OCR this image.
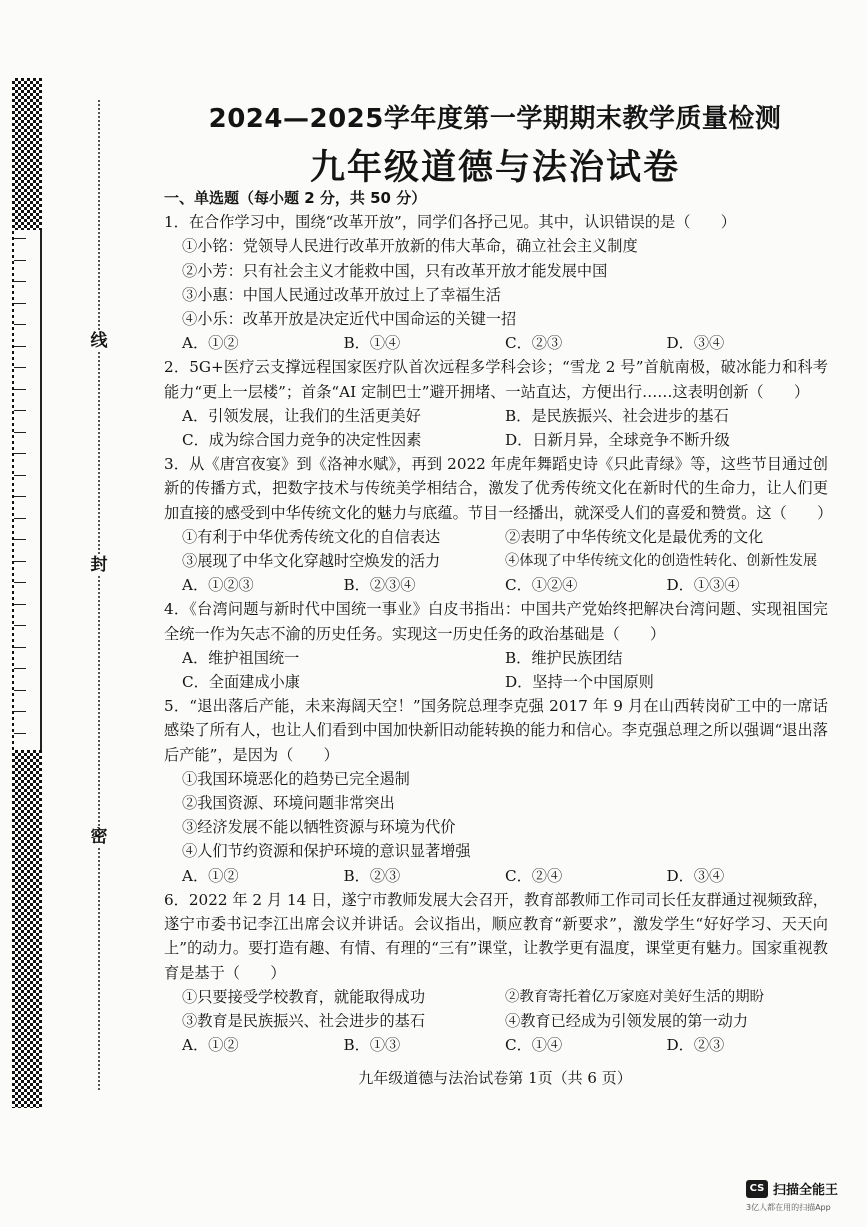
线
封
密
2024—2025学年度第一学期期末教学质量检测
九年级道德与法治试卷
一、单选题（每小题 2 分，共 50 分）
1．在合作学习中，围绕“改革开放”，同学们各抒己见。其中，认识错误的是（　　）
①小铭：党领导人民进行改革开放新的伟大革命，确立社会主义制度
②小芳：只有社会主义才能救中国，只有改革开放才能发展中国
③小惠：中国人民通过改革开放过上了幸福生活
④小乐：改革开放是决定近代中国命运的关键一招
A．①②	B．①④	C．②③	D．③④
2．5G+医疗云支撑远程国家医疗队首次远程多学科会诊；“雪龙 2 号”首航南极，破冰能力和科考能力“更上一层楼”；首条“AI 定制巴士”避开拥堵、一站直达，方便出行……这表明创新（　　）
A．引领发展，让我们的生活更美好	B．是民族振兴、社会进步的基石
C．成为综合国力竞争的决定性因素	D．日新月异，全球竞争不断升级
3．从《唐宫夜宴》到《洛神水赋》，再到 2022 年虎年舞蹈史诗《只此青绿》等，这些节目通过创新的传播方式，把数字技术与传统美学相结合，激发了优秀传统文化在新时代的生命力，让人们更加直接的感受到中华传统文化的魅力与底蕴。节目一经播出，就深受人们的喜爱和赞赏。这（　　）
①有利于中华优秀传统文化的自信表达	②表明了中华传统文化是最优秀的文化
③展现了中华文化穿越时空焕发的活力	④体现了中华传统文化的创造性转化、创新性发展
A．①②③	B．②③④	C．①②④	D．①③④
4．《台湾问题与新时代中国统一事业》白皮书指出：中国共产党始终把解决台湾问题、实现祖国完全统一作为矢志不渝的历史任务。实现这一历史任务的政治基础是（　　）
A．维护祖国统一	B．维护民族团结
C．全面建成小康	D．坚持一个中国原则
5．“退出落后产能，未来海阔天空！”国务院总理李克强 2017 年 9 月在山西转岗矿工中的一席话感染了所有人，也让人们看到中国加快新旧动能转换的能力和信心。李克强总理之所以强调“退出落后产能”，是因为（　　）
①我国环境恶化的趋势已完全遏制
②我国资源、环境问题非常突出
③经济发展不能以牺牲资源与环境为代价
④人们节约资源和保护环境的意识显著增强
A．①②	B．②③	C．②④	D．③④
6．2022 年 2 月 14 日，遂宁市教师发展大会召开，教育部教师工作司司长任友群通过视频致辞，遂宁市委书记李江出席会议并讲话。会议指出，顺应教育“新要求”，激发学生“好好学习、天天向上”的动力。要打造有趣、有情、有理的“三有”课堂，让教学更有温度，课堂更有魅力。国家重视教育是基于（　　）
①只要接受学校教育，就能取得成功	②教育寄托着亿万家庭对美好生活的期盼
③教育是民族振兴、社会进步的基石	④教育已经成为引领发展的第一动力
A．①②	B．①③	C．①④	D．②③
九年级道德与法治试卷第 1页（共 6 页）
CS 扫描全能王
3亿人都在用的扫描App
